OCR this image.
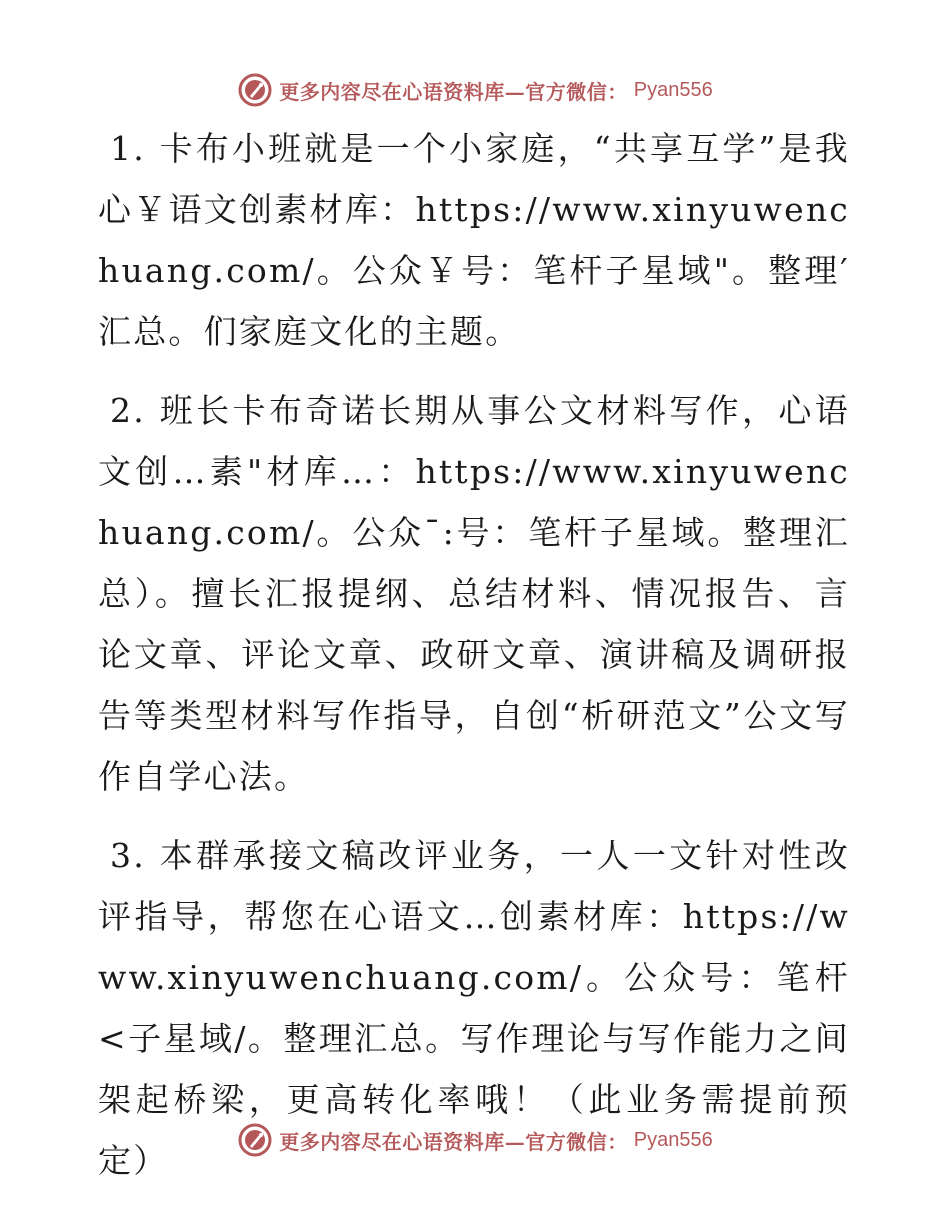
更多内容尽在心语资料库—官方微信： Pyan556

1. 卡布小班就是一个小家庭，“共享互学”是我心￥语文创素材库：https://www.xinyuwenchuang.com/。公众￥号：笔杆子星域"。整理′汇总。们家庭文化的主题。

2. 班长卡布奇诺长期从事公文材料写作，心语文创…素"材库…：https://www.xinyuwenchuang.com/。公众¯:号：笔杆子星域。整理汇总）。擅长汇报提纲、总结材料、情况报告、言论文章、评论文章、政研文章、演讲稿及调研报告等类型材料写作指导，自创“析研范文”公文写作自学心法。

3. 本群承接文稿改评业务，一人一文针对性改评指导，帮您在心语文…创素材库：https://www.xinyuwenchuang.com/。公众号：笔杆<子星域/。整理汇总。写作理论与写作能力之间架起桥梁，更高转化率哦！（此业务需提前预定）	更多内容尽在心语资料库—官方微信： Pyan556
